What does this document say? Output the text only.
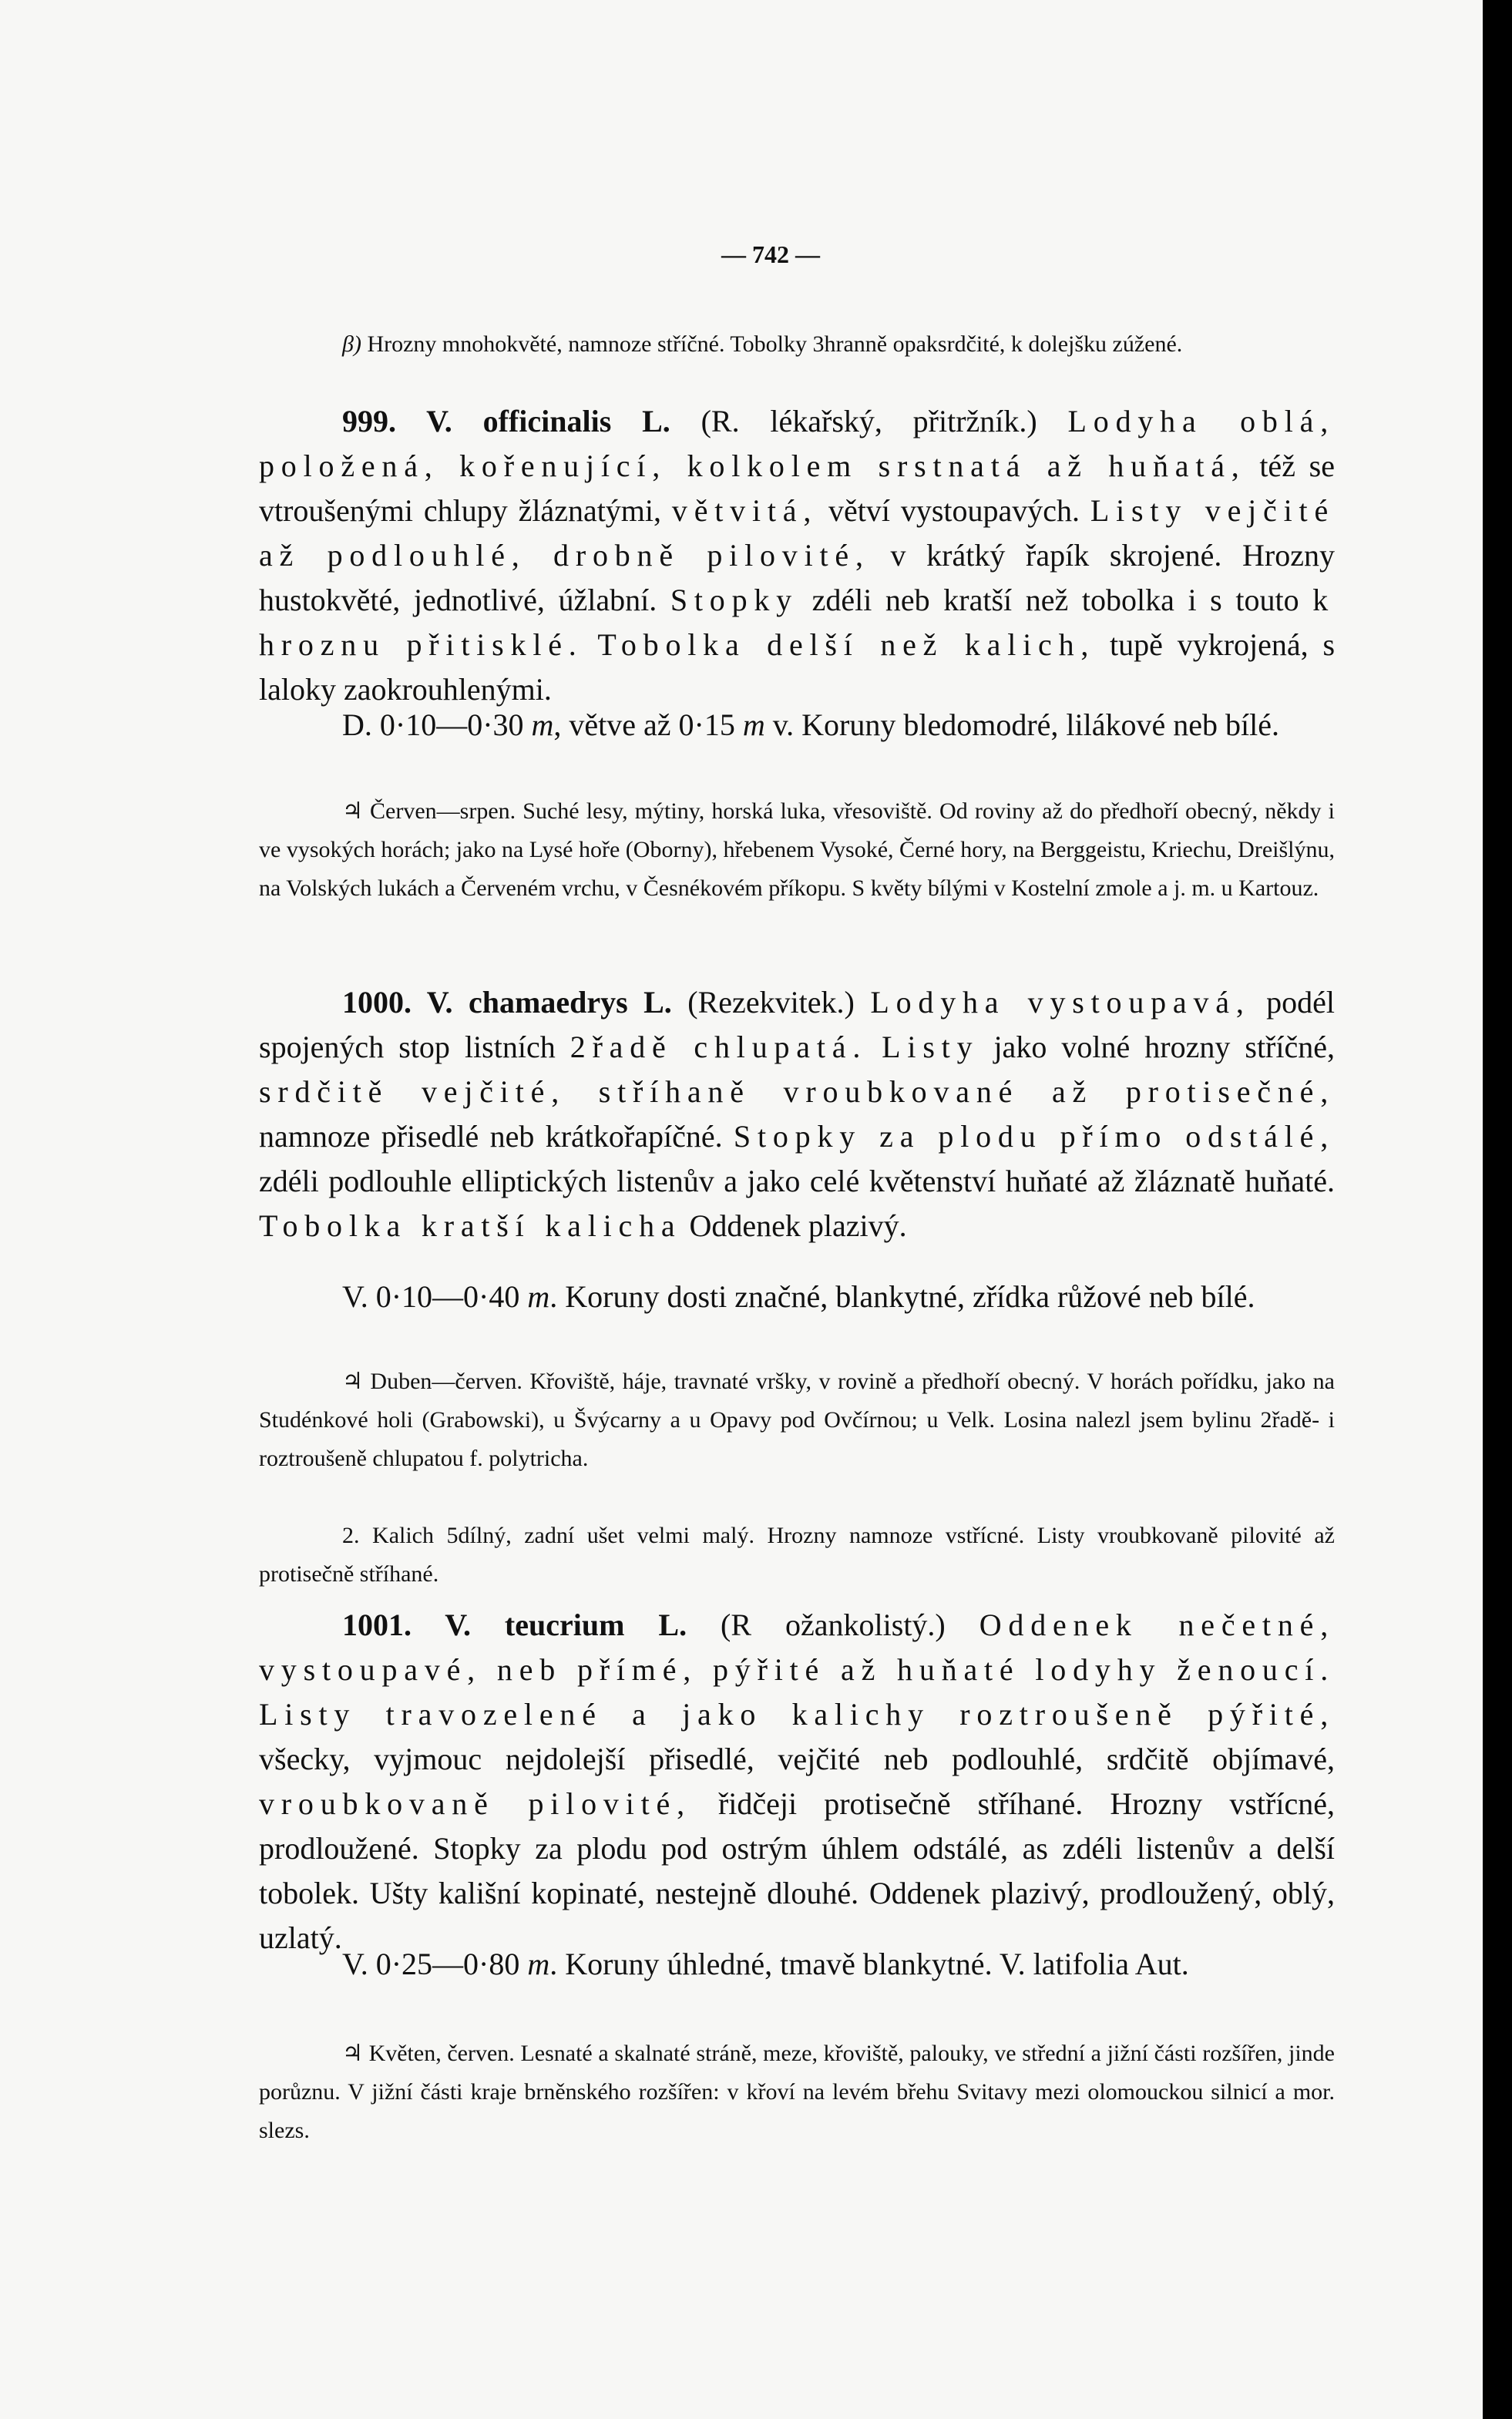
— 742 —

β) Hrozny mnohokvěté, namnoze stříčné. Tobolky 3hranně opaksrdčité, k dolejšku zúžené.

999. V. officinalis L. (R. lékařský, přitržník.) Lodyha oblá, položená, kořenující, kolkolem srstnatá až huňatá, též se vtroušenými chlupy žláznatými, větvitá, větví vystoupavých. Listy vejčité až podlouhlé, drobně pilovité, v krátký řapík skrojené. Hrozny hustokvěté, jednotlivé, úžlabní. Stopky zdéli neb kratší než tobolka i s touto k hroznu přitisklé. Tobolka delší než kalich, tupě vykrojená, s laloky zaokrouhlenými.

D. 0·10—0·30 m, větve až 0·15 m v. Koruny bledomodré, lilákové neb bílé.

♃ Červen—srpen. Suché lesy, mýtiny, horská luka, vřesoviště. Od roviny až do předhoří obecný, někdy i ve vysokých horách; jako na Lysé hoře (Oborny), hřebenem Vysoké, Černé hory, na Berggeistu, Kriechu, Dreišlýnu, na Volských lukách a Červeném vrchu, v Česnékovém příkopu. S květy bílými v Kostelní zmole a j. m. u Kartouz.

1000. V. chamaedrys L. (Rezekvitek.) Lodyha vystoupavá, podél spojených stop listních 2řadě chlupatá. Listy jako volné hrozny stříčné, srdčitě vejčité, stříhaně vroubkované až protisečné, namnoze přisedlé neb krátkořapíčné. Stopky za plodu přímo odstálé, zdéli podlouhle elliptických listenův a jako celé květenství huňaté až žláznatě huňaté. Tobolka kratší kalicha Oddenek plazivý.

V. 0·10—0·40 m. Koruny dosti značné, blankytné, zřídka růžové neb bílé.

♃ Duben—červen. Křoviště, háje, travnaté vršky, v rovině a předhoří obecný. V horách pořídku, jako na Studénkové holi (Grabowski), u Švýcarny a u Opavy pod Ovčírnou; u Velk. Losina nalezl jsem bylinu 2řadě- i roztroušeně chlupatou f. polytricha.

2. Kalich 5dílný, zadní ušet velmi malý. Hrozny namnoze vstřícné. Listy vroubkovaně pilovité až protisečně stříhané.

1001. V. teucrium L. (R ožankolistý.) Oddenek nečetné, vystoupavé, neb přímé, pýřité až huňaté lodyhy ženoucí. Listy travozelené a jako kalichy roztroušeně pýřité, všecky, vyjmouc nejdolejší přisedlé, vejčité neb podlouhlé, srdčitě objímavé, vroubkovaně pilovité, řidčeji protisečně stříhané. Hrozny vstřícné, prodloužené. Stopky za plodu pod ostrým úhlem odstálé, as zdéli listenův a delší tobolek. Ušty kališní kopinaté, nestejně dlouhé. Oddenek plazivý, prodloužený, oblý, uzlatý.

V. 0·25—0·80 m. Koruny úhledné, tmavě blankytné. V. latifolia Aut.

♃ Květen, červen. Lesnaté a skalnaté stráně, meze, křoviště, palouky, ve střední a jižní části rozšířen, jinde porůznu. V jižní části kraje brněnského rozšířen: v křoví na levém břehu Svitavy mezi olomouckou silnicí a mor. slezs.
